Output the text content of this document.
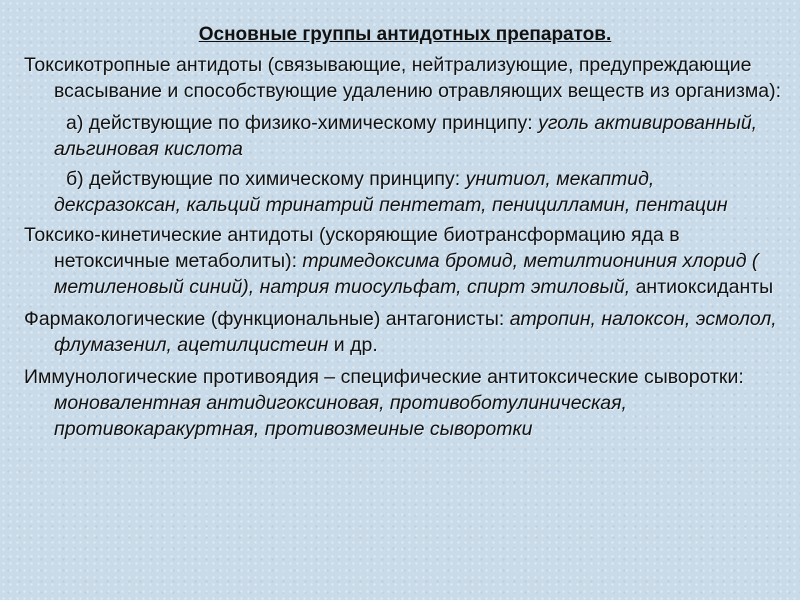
Основные группы антидотных препаратов.
Токсикотропные антидоты (связывающие, нейтрализующие, предупреждающие всасывание и способствующие удалению отравляющих веществ из организма):
а) действующие по физико-химическому принципу: уголь активированный, альгиновая кислота
б) действующие по химическому принципу: унитиол, мекаптид, дексразоксан, кальций тринатрий пентетат, пеницилламин, пентацин
Токсико-кинетические антидоты (ускоряющие биотрансформацию яда в нетоксичные метаболиты): тримедоксима бромид, метилтиониния хлорид ( метиленовый синий), натрия тиосульфат, спирт этиловый, антиоксиданты
Фармакологические (функциональные) антагонисты: атропин, налоксон, эсмолол, флумазенил, ацетилцистеин и др.
Иммунологические противоядия – специфические антитоксические сыворотки: моновалентная антидигоксиновая, противоботулиническая, противокаракуртная, противозмеиные сыворотки
